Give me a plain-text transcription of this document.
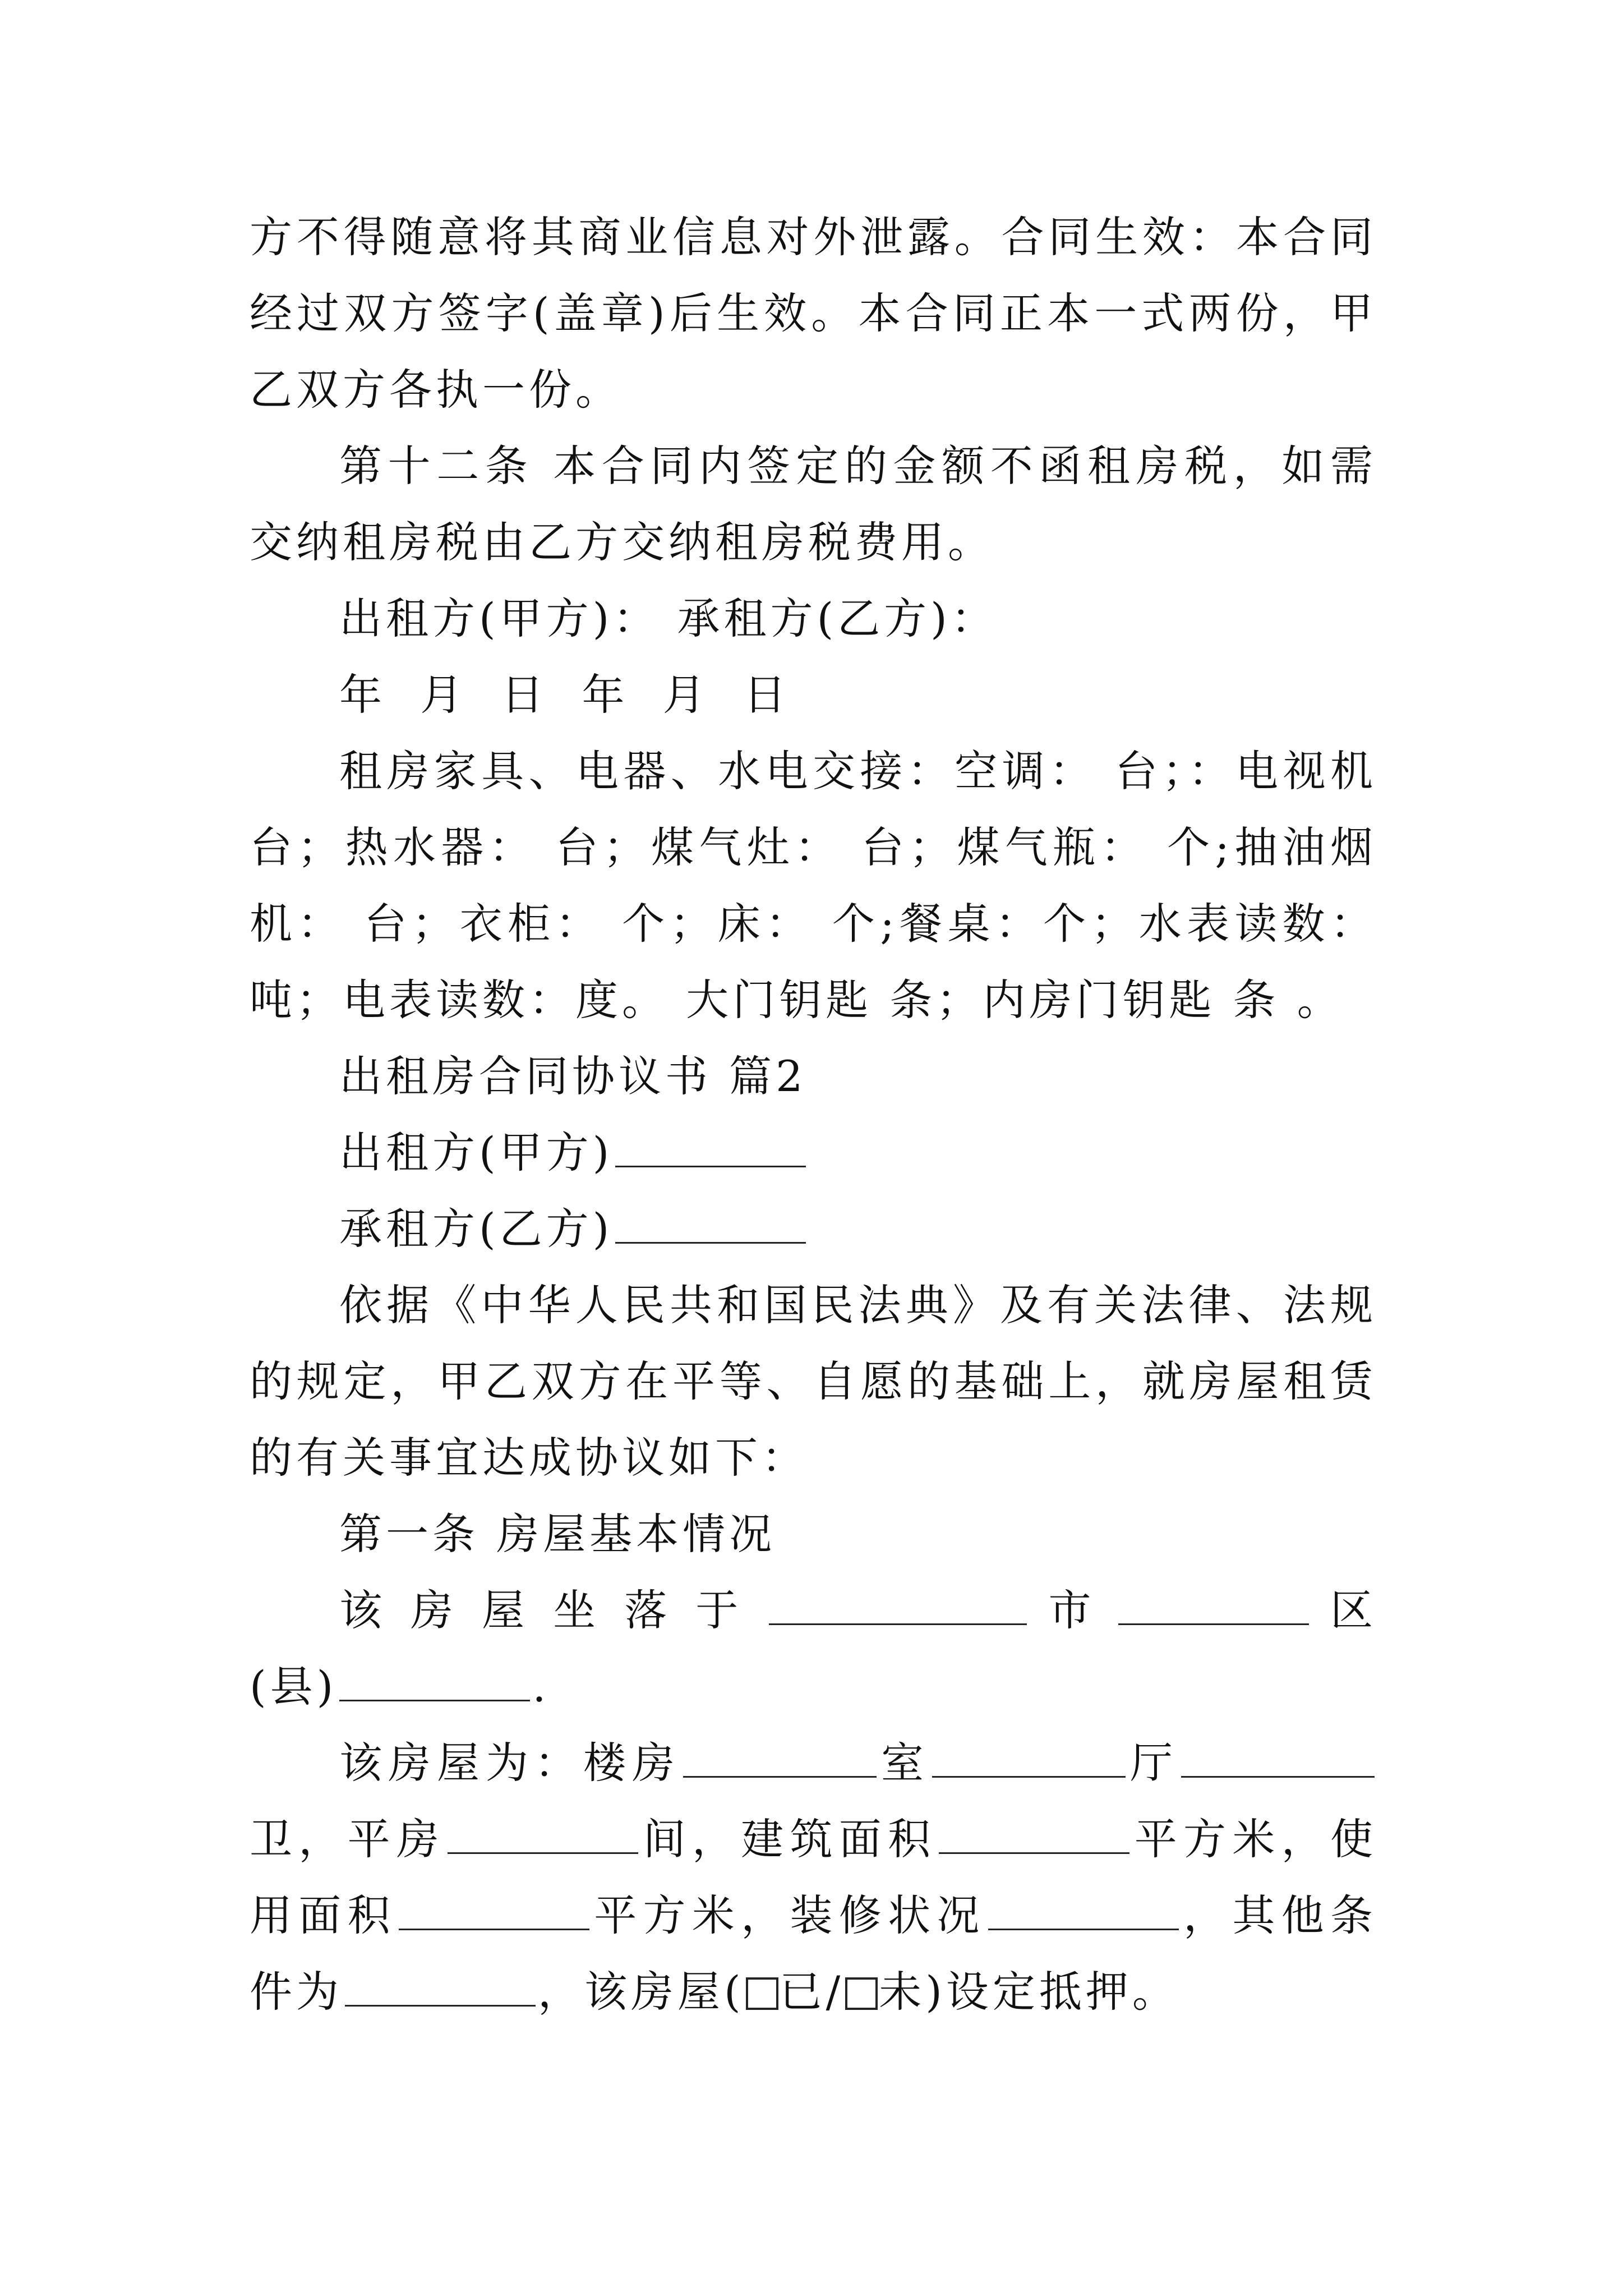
方不得随意将其商业信息对外泄露。合同生效：本合同经过双方签字(盖章)后生效。本合同正本一式两份，甲乙双方各执一份。

第十二条 本合同内签定的金额不函租房税，如需交纳租房税由乙方交纳租房税费用。

出租方(甲方)： 承租方(乙方)：

年 月 日 年 月 日

租房家具、电器、水电交接：空调： 台；：电视机 台；热水器： 台；煤气灶： 台；煤气瓶： 个;抽油烟机： 台；衣柜： 个；床： 个;餐桌：个；水表读数： 吨；电表读数：度。 大门钥匙 条；内房门钥匙 条 。

出租房合同协议书 篇2

出租方(甲方)

承租方(乙方)

依据《中华人民共和国民法典》及有关法律、法规的规定，甲乙双方在平等、自愿的基础上，就房屋租赁的有关事宜达成协议如下：

第一条 房屋基本情况

该房屋坐落于	市	区 (县)	.

该房屋为：楼房	室	厅卫，平房	间，建筑面积	平方米，使用面积	平方米，装修状况	，其他条件为	，该房屋( 已/ 未)设定抵押。
